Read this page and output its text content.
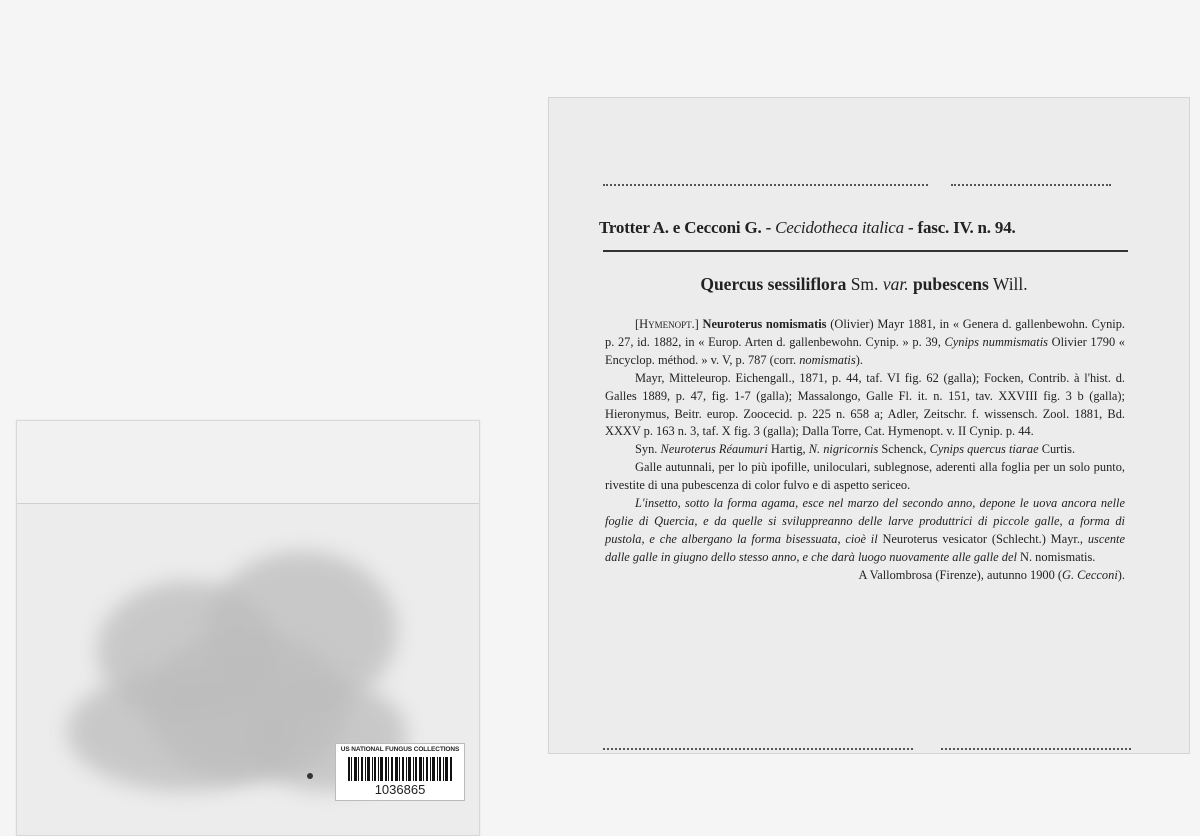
US NATIONAL FUNGUS COLLECTIONS
1036865
Trotter A. e Cecconi G. - Cecidotheca italica - fasc. IV. n. 94.
Quercus sessiliflora Sm. var. pubescens Will.

[Hymenopt.] Neuroterus nomismatis (Olivier) Mayr 1881, in « Genera d. gallenbewohn. Cynip. p. 27, id. 1882, in « Europ. Arten d. gallenbewohn. Cynip. » p. 39, Cynips nummismatis Olivier 1790 « Encyclop. méthod. » v. V, p. 787 (corr. nomismatis).

Mayr, Mitteleurop. Eichengall., 1871, p. 44, taf. VI fig. 62 (galla); Focken, Contrib. à l'hist. d. Galles 1889, p. 47, fig. 1-7 (galla); Massalongo, Galle Fl. it. n. 151, tav. XXVIII fig. 3 b (galla); Hieronymus, Beitr. europ. Zoocecid. p. 225 n. 658 a; Adler, Zeitschr. f. wissensch. Zool. 1881, Bd. XXXV p. 163 n. 3, taf. X fig. 3 (galla); Dalla Torre, Cat. Hymenopt. v. II Cynip. p. 44.

Syn. Neuroterus Réaumuri Hartig, N. nigricornis Schenck, Cynips quercus tiarae Curtis.

Galle autunnali, per lo più ipofille, uniloculari, sublegnose, aderenti alla foglia per un solo punto, rivestite di una pubescenza di color fulvo e di aspetto sericeo.

L'insetto, sotto la forma agama, esce nel marzo del secondo anno, depone le uova ancora nelle foglie di Quercia, e da quelle si sviluppreanno delle larve produttrici di piccole galle, a forma di pustola, e che albergano la forma bisessuata, cioè il Neuroterus vesicator (Schlecht.) Mayr., uscente dalle galle in giugno dello stesso anno, e che darà luogo nuovamente alle galle del N. nomismatis.

A Vallombrosa (Firenze), autunno 1900 (G. Cecconi).
